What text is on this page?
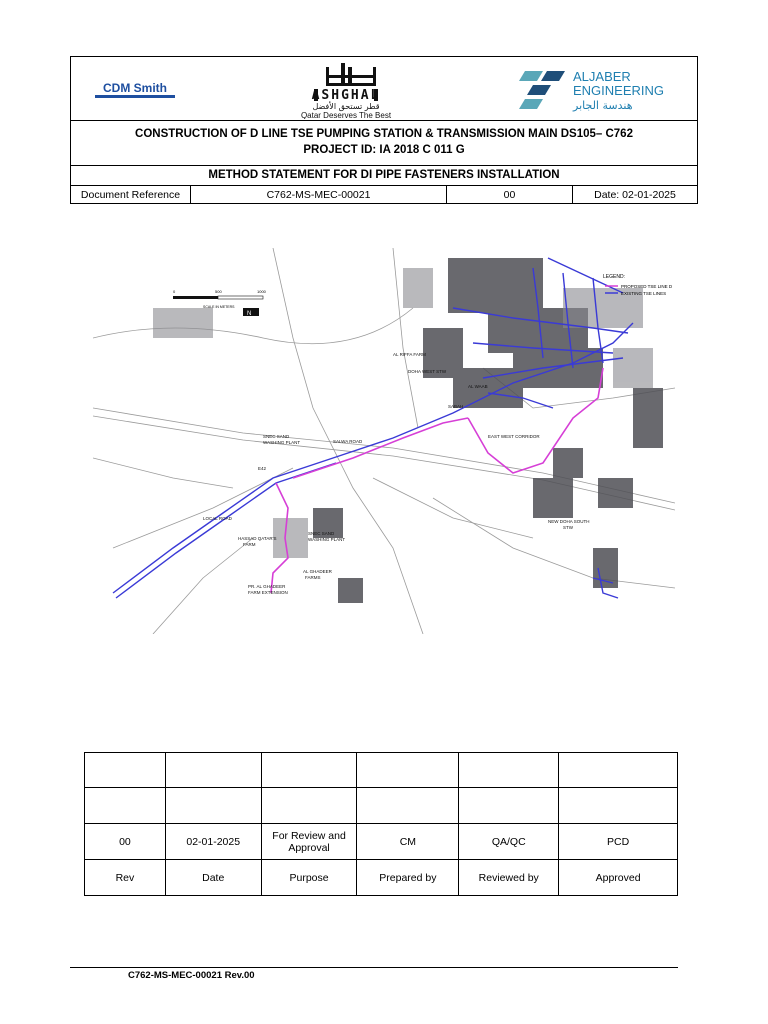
CDM Smith	ASHGHAL
قطر تستحق الأفضل
Qatar Deserves The Best
ALJABER
ENGINEERING
هندسة الجابر
CONSTRUCTION OF D LINE TSE PUMPING STATION & TRANSMISSION MAIN DS105– C762
PROJECT ID: IA 2018 C 011 G
METHOD STATEMENT FOR DI PIPE FASTENERS INSTALLATION
Document Reference	C762-MS-MEC-00021	00	Date: 02-01-2025
0	500	1000
SCALE IN METERS
N
LEGEND:
PROPOSED TSE LINE D
EXISTING TSE LINES
AL RIFFA FARM
DOHA WEST STW
AL WAAB
SABAH
SALWA ROAD
SNEC SAND
WASHING PLANT
E42
LOCAL ROAD
HASSAD QATAR'S
FARM
SNEC SAND
WASHING PLANT
AL GHADEER
FARMS
PR. AL GHADEER
FARM EXTENSION
NEW DOHA SOUTH
STW
EAST WEST CORRIDOR

00	02-01-2025	For Review and Approval	CM	QA/QC	PCD
Rev	Date	Purpose	Prepared by	Reviewed by	Approved
C762-MS-MEC-00021 Rev.00
